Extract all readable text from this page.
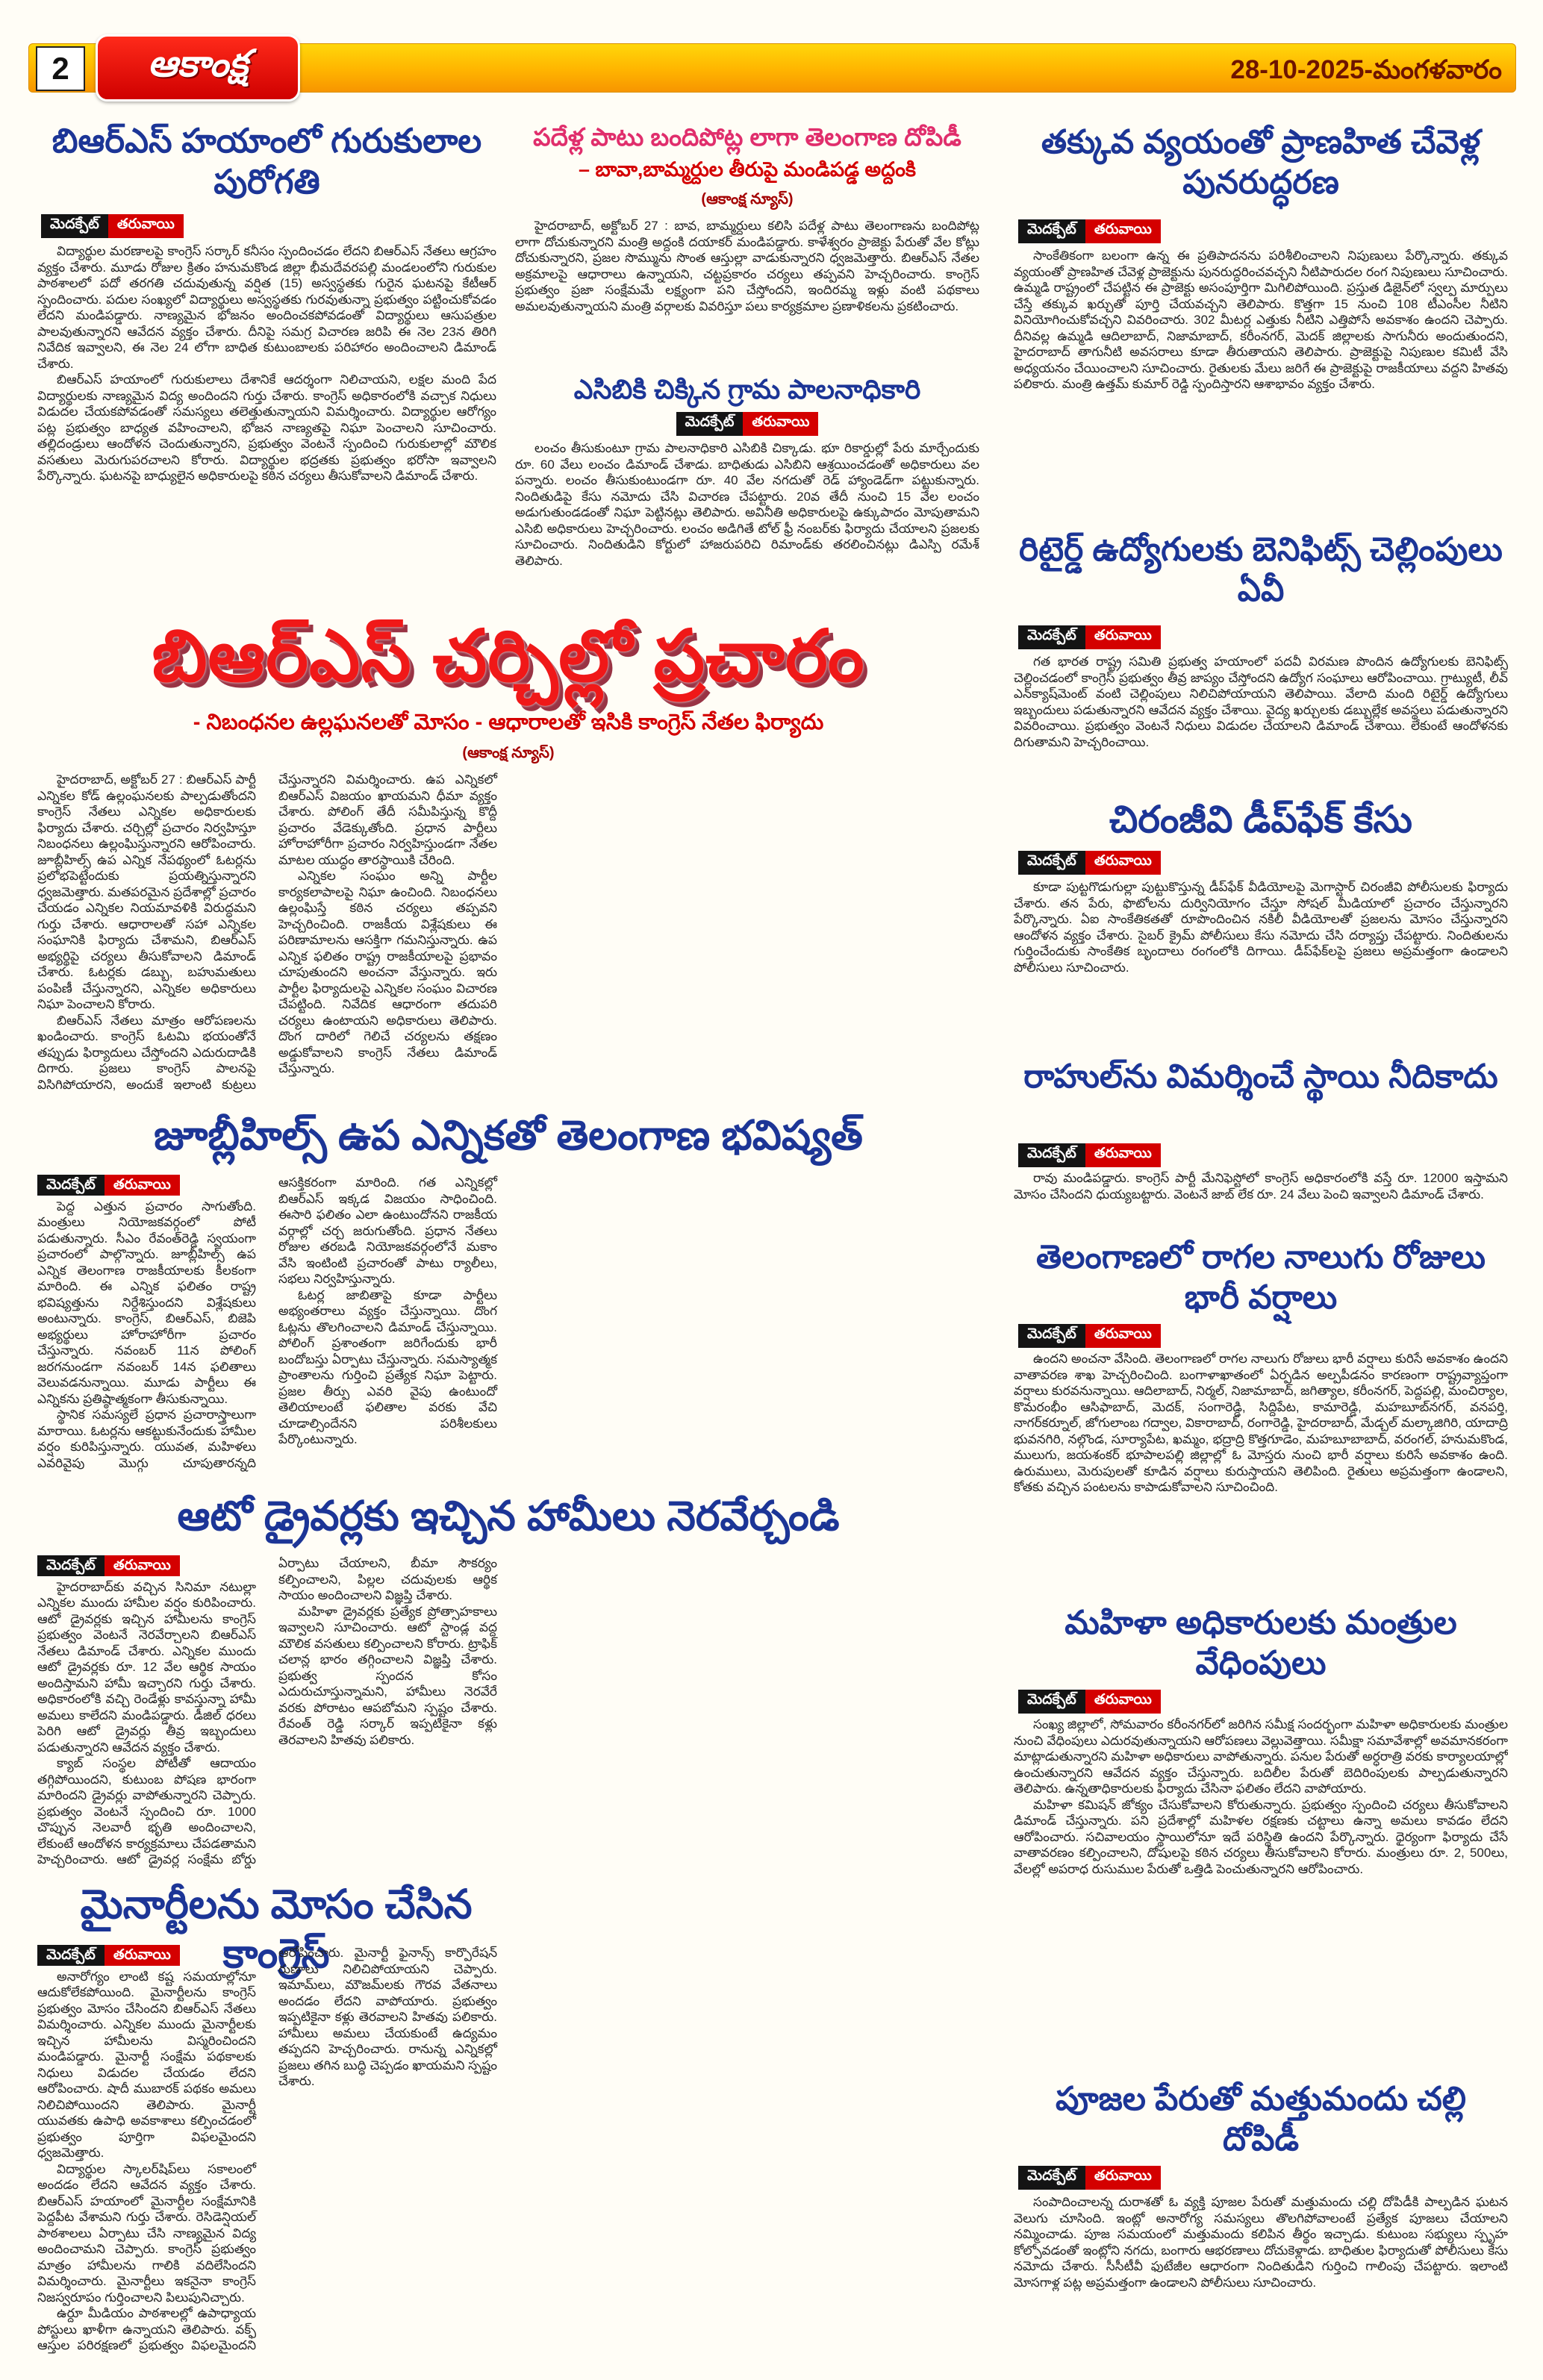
2	ఆకాంక్ష	28-10-2025-మంగళవారం
బిఆర్ఎస్ హయాంలో గురుకులాల పురోగతి
మెదక్పేట్	తరువాయి

విద్యార్థుల మరణాలపై కాంగ్రెస్ సర్కార్ కనీసం స్పందించడం లేదని బిఆర్ఎస్ నేతలు ఆగ్రహం వ్యక్తం చేశారు. మూడు రోజుల క్రితం హనుమకొండ జిల్లా భీమదేవరపల్లి మండలంలోని గురుకుల పాఠశాలలో పదో తరగతి చదువుతున్న వర్షిత (15) అస్వస్థతకు గురైన ఘటనపై కేటీఆర్ స్పందించారు. పదుల సంఖ్యలో విద్యార్థులు అస్వస్థతకు గురవుతున్నా ప్రభుత్వం పట్టించుకోవడం లేదని మండిపడ్డారు. నాణ్యమైన భోజనం అందించకపోవడంతో విద్యార్థులు ఆసుపత్రుల పాలవుతున్నారని ఆవేదన వ్యక్తం చేశారు. దీనిపై సమగ్ర విచారణ జరిపి ఈ నెల 23న తిరిగి నివేదిక ఇవ్వాలని, ఈ నెల 24 లోగా బాధిత కుటుంబాలకు పరిహారం అందించాలని డిమాండ్ చేశారు.

బిఆర్ఎస్ హయాంలో గురుకులాలు దేశానికే ఆదర్శంగా నిలిచాయని, లక్షల మంది పేద విద్యార్థులకు నాణ్యమైన విద్య అందిందని గుర్తు చేశారు. కాంగ్రెస్ అధికారంలోకి వచ్చాక నిధులు విడుదల చేయకపోవడంతో సమస్యలు తలెత్తుతున్నాయని విమర్శించారు. విద్యార్థుల ఆరోగ్యం పట్ల ప్రభుత్వం బాధ్యత వహించాలని, భోజన నాణ్యతపై నిఘా పెంచాలని సూచించారు. తల్లిదండ్రులు ఆందోళన చెందుతున్నారని, ప్రభుత్వం వెంటనే స్పందించి గురుకులాల్లో మౌలిక వసతులు మెరుగుపరచాలని కోరారు. విద్యార్థుల భద్రతకు ప్రభుత్వం భరోసా ఇవ్వాలని పేర్కొన్నారు. ఘటనపై బాధ్యులైన అధికారులపై కఠిన చర్యలు తీసుకోవాలని డిమాండ్ చేశారు.

పదేళ్ల పాటు బందిపోట్ల లాగా తెలంగాణ దోపిడీ

– బావా,బామ్మర్దుల తీరుపై మండిపడ్డ అద్దంకి

(ఆకాంక్ష న్యూస్)

హైదరాబాద్, అక్టోబర్ 27 : బావ, బామ్మర్దులు కలిసి పదేళ్ల పాటు తెలంగాణను బందిపోట్ల లాగా దోచుకున్నారని మంత్రి అద్దంకి దయాకర్ మండిపడ్డారు. కాళేశ్వరం ప్రాజెక్టు పేరుతో వేల కోట్లు దోచుకున్నారని, ప్రజల సొమ్మును సొంత ఆస్తుల్లా వాడుకున్నారని ధ్వజమెత్తారు. బిఆర్ఎస్ నేతల అక్రమాలపై ఆధారాలు ఉన్నాయని, చట్టప్రకారం చర్యలు తప్పవని హెచ్చరించారు. కాంగ్రెస్ ప్రభుత్వం ప్రజా సంక్షేమమే లక్ష్యంగా పని చేస్తోందని, ఇందిరమ్మ ఇళ్లు వంటి పథకాలు అమలవుతున్నాయని మంత్రి వర్గాలకు వివరిస్తూ పలు కార్యక్రమాల ప్రణాళికలను ప్రకటించారు.

ఎసిబికి చిక్కిన గ్రామ పాలనాధికారి
మెదక్పేట్	తరువాయి

లంచం తీసుకుంటూ గ్రామ పాలనాధికారి ఎసిబికి చిక్కాడు. భూ రికార్డుల్లో పేరు మార్చేందుకు రూ. 60 వేలు లంచం డిమాండ్ చేశాడు. బాధితుడు ఎసిబిని ఆశ్రయించడంతో అధికారులు వల పన్నారు. లంచం తీసుకుంటుండగా రూ. 40 వేల నగదుతో రెడ్ హ్యాండెడ్‌గా పట్టుకున్నారు. నిందితుడిపై కేసు నమోదు చేసి విచారణ చేపట్టారు. 20వ తేదీ నుంచి 15 వేల లంచం అడుగుతుండడంతో నిఘా పెట్టినట్లు తెలిపారు. అవినీతి అధికారులపై ఉక్కుపాదం మోపుతామని ఎసిబి అధికారులు హెచ్చరించారు. లంచం అడిగితే టోల్ ఫ్రీ నంబర్‌కు ఫిర్యాదు చేయాలని ప్రజలకు సూచించారు. నిందితుడిని కోర్టులో హాజరుపరిచి రిమాండ్‌కు తరలించినట్లు డిఎస్పి రమేశ్ తెలిపారు.

బిఆర్ఎస్ చర్చిల్లో ప్రచారం

- నిబంధనల ఉల్లఘనలతో మోసం - ఆధారాలతో ఇసికి కాంగ్రెస్ నేతల ఫిర్యాదు

(ఆకాంక్ష న్యూస్)

హైదరాబాద్, అక్టోబర్ 27 : బిఆర్ఎస్ పార్టీ ఎన్నికల కోడ్ ఉల్లంఘనలకు పాల్పడుతోందని కాంగ్రెస్ నేతలు ఎన్నికల అధికారులకు ఫిర్యాదు చేశారు. చర్చిల్లో ప్రచారం నిర్వహిస్తూ నిబంధనలు ఉల్లంఘిస్తున్నారని ఆరోపించారు. జూబ్లీహిల్స్ ఉప ఎన్నిక నేపథ్యంలో ఓటర్లను ప్రలోభపెట్టేందుకు ప్రయత్నిస్తున్నారని ధ్వజమెత్తారు. మతపరమైన ప్రదేశాల్లో ప్రచారం చేయడం ఎన్నికల నియమావళికి విరుద్ధమని గుర్తు చేశారు. ఆధారాలతో సహా ఎన్నికల సంఘానికి ఫిర్యాదు చేశామని, బిఆర్ఎస్ అభ్యర్థిపై చర్యలు తీసుకోవాలని డిమాండ్ చేశారు. ఓటర్లకు డబ్బు, బహుమతులు పంపిణీ చేస్తున్నారని, ఎన్నికల అధికారులు నిఘా పెంచాలని కోరారు.

బిఆర్ఎస్ నేతలు మాత్రం ఆరోపణలను ఖండించారు. కాంగ్రెస్ ఓటమి భయంతోనే తప్పుడు ఫిర్యాదులు చేస్తోందని ఎదురుదాడికి దిగారు. ప్రజలు కాంగ్రెస్ పాలనపై విసిగిపోయారని, అందుకే ఇలాంటి కుట్రలు చేస్తున్నారని విమర్శించారు. ఉప ఎన్నికలో బిఆర్ఎస్ విజయం ఖాయమని ధీమా వ్యక్తం చేశారు. పోలింగ్ తేదీ సమీపిస్తున్న కొద్దీ ప్రచారం వేడెక్కుతోంది. ప్రధాన పార్టీలు హోరాహోరీగా ప్రచారం నిర్వహిస్తుండగా నేతల మాటల యుద్ధం తారస్థాయికి చేరింది.

ఎన్నికల సంఘం అన్ని పార్టీల కార్యకలాపాలపై నిఘా ఉంచింది. నిబంధనలు ఉల్లంఘిస్తే కఠిన చర్యలు తప్పవని హెచ్చరించింది. రాజకీయ విశ్లేషకులు ఈ పరిణామాలను ఆసక్తిగా గమనిస్తున్నారు. ఉప ఎన్నిక ఫలితం రాష్ట్ర రాజకీయాలపై ప్రభావం చూపుతుందని అంచనా వేస్తున్నారు. ఇరు పార్టీల ఫిర్యాదులపై ఎన్నికల సంఘం విచారణ చేపట్టింది. నివేదిక ఆధారంగా తదుపరి చర్యలు ఉంటాయని అధికారులు తెలిపారు. దొంగ దారిలో గెలిచే చర్యలను తక్షణం అడ్డుకోవాలని కాంగ్రెస్ నేతలు డిమాండ్ చేస్తున్నారు.

జూబ్లీహిల్స్ ఉప ఎన్నికతో తెలంగాణ భవిష్యత్
మెదక్పేట్	తరువాయి

పెద్ద ఎత్తున ప్రచారం సాగుతోంది. మంత్రులు నియోజకవర్గంలో పోటీ పడుతున్నారు. సీఎం రేవంత్‌రెడ్డి స్వయంగా ప్రచారంలో పాల్గొన్నారు. జూబ్లీహిల్స్ ఉప ఎన్నిక తెలంగాణ రాజకీయాలకు కీలకంగా మారింది. ఈ ఎన్నిక ఫలితం రాష్ట్ర భవిష్యత్తును నిర్దేశిస్తుందని విశ్లేషకులు అంటున్నారు. కాంగ్రెస్, బిఆర్ఎస్, బిజెపి అభ్యర్థులు హోరాహోరీగా ప్రచారం చేస్తున్నారు. నవంబర్ 11న పోలింగ్ జరగనుండగా నవంబర్ 14న ఫలితాలు వెలువడనున్నాయి. మూడు పార్టీలు ఈ ఎన్నికను ప్రతిష్ఠాత్మకంగా తీసుకున్నాయి.

స్థానిక సమస్యలే ప్రధాన ప్రచారాస్త్రాలుగా మారాయి. ఓటర్లను ఆకట్టుకునేందుకు హామీల వర్షం కురిపిస్తున్నారు. యువత, మహిళలు ఎవరివైపు మొగ్గు చూపుతారన్నది ఆసక్తికరంగా మారింది. గత ఎన్నికల్లో బిఆర్ఎస్ ఇక్కడ విజయం సాధించింది. ఈసారి ఫలితం ఎలా ఉంటుందోనని రాజకీయ వర్గాల్లో చర్చ జరుగుతోంది. ప్రధాన నేతలు రోజుల తరబడి నియోజకవర్గంలోనే మకాం వేసి ఇంటింటి ప్రచారంతో పాటు ర్యాలీలు, సభలు నిర్వహిస్తున్నారు.

ఓటర్ల జాబితాపై కూడా పార్టీలు అభ్యంతరాలు వ్యక్తం చేస్తున్నాయి. దొంగ ఓట్లను తొలగించాలని డిమాండ్ చేస్తున్నాయి. పోలింగ్ ప్రశాంతంగా జరిగేందుకు భారీ బందోబస్తు ఏర్పాటు చేస్తున్నారు. సమస్యాత్మక ప్రాంతాలను గుర్తించి ప్రత్యేక నిఘా పెట్టారు. ప్రజల తీర్పు ఎవరి వైపు ఉంటుందో తెలియాలంటే ఫలితాల వరకు వేచి చూడాల్సిందేనని పరిశీలకులు పేర్కొంటున్నారు.

ఆటో డ్రైవర్లకు ఇచ్చిన హామీలు నెరవేర్చండి
మెదక్పేట్	తరువాయి

హైదరాబాద్‌కు వచ్చిన సినిమా నటుల్లా ఎన్నికల ముందు హామీల వర్షం కురిపించారు. ఆటో డ్రైవర్లకు ఇచ్చిన హామీలను కాంగ్రెస్ ప్రభుత్వం వెంటనే నెరవేర్చాలని బిఆర్ఎస్ నేతలు డిమాండ్ చేశారు. ఎన్నికల ముందు ఆటో డ్రైవర్లకు రూ. 12 వేల ఆర్థిక సాయం అందిస్తామని హామీ ఇచ్చారని గుర్తు చేశారు. అధికారంలోకి వచ్చి రెండేళ్లు కావస్తున్నా హామీ అమలు కాలేదని మండిపడ్డారు. డీజిల్ ధరలు పెరిగి ఆటో డ్రైవర్లు తీవ్ర ఇబ్బందులు పడుతున్నారని ఆవేదన వ్యక్తం చేశారు.

క్యాబ్ సంస్థల పోటీతో ఆదాయం తగ్గిపోయిందని, కుటుంబ పోషణ భారంగా మారిందని డ్రైవర్లు వాపోతున్నారని చెప్పారు. ప్రభుత్వం వెంటనే స్పందించి రూ. 1000 చొప్పున నెలవారీ భృతి అందించాలని, లేకుంటే ఆందోళన కార్యక్రమాలు చేపడతామని హెచ్చరించారు. ఆటో డ్రైవర్ల సంక్షేమ బోర్డు ఏర్పాటు చేయాలని, బీమా సౌకర్యం కల్పించాలని, పిల్లల చదువులకు ఆర్థిక సాయం అందించాలని విజ్ఞప్తి చేశారు.

మహిళా డ్రైవర్లకు ప్రత్యేక ప్రోత్సాహకాలు ఇవ్వాలని సూచించారు. ఆటో స్టాండ్ల వద్ద మౌలిక వసతులు కల్పించాలని కోరారు. ట్రాఫిక్ చలాన్ల భారం తగ్గించాలని విజ్ఞప్తి చేశారు. ప్రభుత్వ స్పందన కోసం ఎదురుచూస్తున్నామని, హామీలు నెరవేరే వరకు పోరాటం ఆపబోమని స్పష్టం చేశారు. రేవంత్ రెడ్డి సర్కార్ ఇప్పటికైనా కళ్లు తెరవాలని హితవు పలికారు.

మైనార్టీలను మోసం చేసిన కాంగ్రెస్
మెదక్పేట్	తరువాయి

అనారోగ్యం లాంటి కష్ట సమయాల్లోనూ ఆదుకోలేకపోయింది. మైనార్టీలను కాంగ్రెస్ ప్రభుత్వం మోసం చేసిందని బిఆర్ఎస్ నేతలు విమర్శించారు. ఎన్నికల ముందు మైనార్టీలకు ఇచ్చిన హామీలను విస్మరించిందని మండిపడ్డారు. మైనార్టీ సంక్షేమ పథకాలకు నిధులు విడుదల చేయడం లేదని ఆరోపించారు. షాదీ ముబారక్ పథకం అమలు నిలిచిపోయిందని తెలిపారు. మైనార్టీ యువతకు ఉపాధి అవకాశాలు కల్పించడంలో ప్రభుత్వం పూర్తిగా విఫలమైందని ధ్వజమెత్తారు.

విద్యార్థుల స్కాలర్‌షిప్‌లు సకాలంలో అందడం లేదని ఆవేదన వ్యక్తం చేశారు. బిఆర్ఎస్ హయాంలో మైనార్టీల సంక్షేమానికి పెద్దపీట వేశామని గుర్తు చేశారు. రెసిడెన్షియల్ పాఠశాలలు ఏర్పాటు చేసి నాణ్యమైన విద్య అందించామని చెప్పారు. కాంగ్రెస్ ప్రభుత్వం మాత్రం హామీలను గాలికి వదిలేసిందని విమర్శించారు. మైనార్టీలు ఇకనైనా కాంగ్రెస్ నిజస్వరూపం గుర్తించాలని పిలుపునిచ్చారు.

ఉర్దూ మీడియం పాఠశాలల్లో ఉపాధ్యాయ పోస్టులు ఖాళీగా ఉన్నాయని తెలిపారు. వక్ఫ్ ఆస్తుల పరిరక్షణలో ప్రభుత్వం విఫలమైందని ఆరోపించారు. మైనార్టీ ఫైనాన్స్ కార్పొరేషన్ రుణాలు నిలిచిపోయాయని చెప్పారు. ఇమామ్‌లు, మౌజమ్‌లకు గౌరవ వేతనాలు అందడం లేదని వాపోయారు. ప్రభుత్వం ఇప్పటికైనా కళ్లు తెరవాలని హితవు పలికారు. హామీలు అమలు చేయకుంటే ఉద్యమం తప్పదని హెచ్చరించారు. రానున్న ఎన్నికల్లో ప్రజలు తగిన బుద్ధి చెప్పడం ఖాయమని స్పష్టం చేశారు.

తక్కువ వ్యయంతో ప్రాణహిత చేవెళ్ల పునరుద్ధరణ
మెదక్పేట్	తరువాయి

సాంకేతికంగా బలంగా ఉన్న ఈ ప్రతిపాదనను పరిశీలించాలని నిపుణులు పేర్కొన్నారు. తక్కువ వ్యయంతో ప్రాణహిత చేవెళ్ల ప్రాజెక్టును పునరుద్ధరించవచ్చని నీటిపారుదల రంగ నిపుణులు సూచించారు. ఉమ్మడి రాష్ట్రంలో చేపట్టిన ఈ ప్రాజెక్టు అసంపూర్తిగా మిగిలిపోయింది. ప్రస్తుత డిజైన్‌లో స్వల్ప మార్పులు చేస్తే తక్కువ ఖర్చుతో పూర్తి చేయవచ్చని తెలిపారు. కొత్తగా 15 నుంచి 108 టీఎంసీల నీటిని వినియోగించుకోవచ్చని వివరించారు. 302 మీటర్ల ఎత్తుకు నీటిని ఎత్తిపోసే అవకాశం ఉందని చెప్పారు. దీనివల్ల ఉమ్మడి ఆదిలాబాద్, నిజామాబాద్, కరీంనగర్, మెదక్ జిల్లాలకు సాగునీరు అందుతుందని, హైదరాబాద్ తాగునీటి అవసరాలు కూడా తీరుతాయని తెలిపారు. ప్రాజెక్టుపై నిపుణుల కమిటీ వేసి అధ్యయనం చేయించాలని సూచించారు. రైతులకు మేలు జరిగే ఈ ప్రాజెక్టుపై రాజకీయాలు వద్దని హితవు పలికారు. మంత్రి ఉత్తమ్ కుమార్ రెడ్డి స్పందిస్తారని ఆశాభావం వ్యక్తం చేశారు.

రిటైర్డ్ ఉద్యోగులకు బెనిఫిట్స్ చెల్లింపులు ఏవీ
మెదక్పేట్	తరువాయి

గత భారత రాష్ట్ర సమితి ప్రభుత్వ హయాంలో పదవీ విరమణ పొందిన ఉద్యోగులకు బెనిఫిట్స్ చెల్లించడంలో కాంగ్రెస్ ప్రభుత్వం తీవ్ర జాప్యం చేస్తోందని ఉద్యోగ సంఘాలు ఆరోపించాయి. గ్రాట్యుటీ, లీవ్ ఎన్‌క్యాష్‌మెంట్ వంటి చెల్లింపులు నిలిచిపోయాయని తెలిపాయి. వేలాది మంది రిటైర్డ్ ఉద్యోగులు ఇబ్బందులు పడుతున్నారని ఆవేదన వ్యక్తం చేశాయి. వైద్య ఖర్చులకు డబ్బుల్లేక అవస్థలు పడుతున్నారని వివరించాయి. ప్రభుత్వం వెంటనే నిధులు విడుదల చేయాలని డిమాండ్ చేశాయి. లేకుంటే ఆందోళనకు దిగుతామని హెచ్చరించాయి.

చిరంజీవి డీప్‌ఫేక్ కేసు
మెదక్పేట్	తరువాయి

కూడా పుట్టగొడుగుల్లా పుట్టుకొస్తున్న డీప్‌ఫేక్ వీడియోలపై మెగాస్టార్ చిరంజీవి పోలీసులకు ఫిర్యాదు చేశారు. తన పేరు, ఫొటోలను దుర్వినియోగం చేస్తూ సోషల్ మీడియాలో ప్రచారం చేస్తున్నారని పేర్కొన్నారు. ఏఐ సాంకేతికతతో రూపొందించిన నకిలీ వీడియోలతో ప్రజలను మోసం చేస్తున్నారని ఆందోళన వ్యక్తం చేశారు. సైబర్ క్రైమ్ పోలీసులు కేసు నమోదు చేసి దర్యాప్తు చేపట్టారు. నిందితులను గుర్తించేందుకు సాంకేతిక బృందాలు రంగంలోకి దిగాయి. డీప్‌ఫేక్‌లపై ప్రజలు అప్రమత్తంగా ఉండాలని పోలీసులు సూచించారు.

రాహుల్‌ను విమర్శించే స్థాయి నీదికాదు
మెదక్పేట్	తరువాయి

రావు మండిపడ్డారు. కాంగ్రెస్ పార్టీ మేనిఫెస్టోలో కాంగ్రెస్ అధికారంలోకి వస్తే రూ. 12000 ఇస్తామని మోసం చేసిందని ధుయ్యబట్టారు. వెంటనే జాబ్ లేక రూ. 24 వేలు పెంచి ఇవ్వాలని డిమాండ్ చేశారు.

తెలంగాణలో రాగల నాలుగు రోజులు భారీ వర్షాలు
మెదక్పేట్	తరువాయి

ఉందని అంచనా వేసింది. తెలంగాణలో రాగల నాలుగు రోజులు భారీ వర్షాలు కురిసే అవకాశం ఉందని వాతావరణ శాఖ హెచ్చరించింది. బంగాళాఖాతంలో ఏర్పడిన అల్పపీడనం కారణంగా రాష్ట్రవ్యాప్తంగా వర్షాలు కురవనున్నాయి. ఆదిలాబాద్, నిర్మల్, నిజామాబాద్, జగిత్యాల, కరీంనగర్, పెద్దపల్లి, మంచిర్యాల, కొమరంభీం ఆసిఫాబాద్, మెదక్, సంగారెడ్డి, సిద్దిపేట, కామారెడ్డి, మహబూబ్‌నగర్, వనపర్తి, నాగర్‌కర్నూల్, జోగులాంబ గద్వాల, వికారాబాద్, రంగారెడ్డి, హైదరాబాద్, మేడ్చల్ మల్కాజిగిరి, యాదాద్రి భువనగిరి, నల్గొండ, సూర్యాపేట, ఖమ్మం, భద్రాద్రి కొత్తగూడెం, మహబూబాబాద్, వరంగల్, హనుమకొండ, ములుగు, జయశంకర్ భూపాలపల్లి జిల్లాల్లో ఓ మోస్తరు నుంచి భారీ వర్షాలు కురిసే అవకాశం ఉంది. ఉరుములు, మెరుపులతో కూడిన వర్షాలు కురుస్తాయని తెలిపింది. రైతులు అప్రమత్తంగా ఉండాలని, కోతకు వచ్చిన పంటలను కాపాడుకోవాలని సూచించింది.

మహిళా అధికారులకు మంత్రుల వేధింపులు
మెదక్పేట్	తరువాయి

సంఖ్య జిల్లాలో, సోమవారం కరీంనగర్‌లో జరిగిన సమీక్ష సందర్భంగా మహిళా అధికారులకు మంత్రుల నుంచి వేధింపులు ఎదురవుతున్నాయని ఆరోపణలు వెల్లువెత్తాయి. సమీక్షా సమావేశాల్లో అవమానకరంగా మాట్లాడుతున్నారని మహిళా అధికారులు వాపోతున్నారు. పనుల పేరుతో అర్ధరాత్రి వరకు కార్యాలయాల్లో ఉంచుతున్నారని ఆవేదన వ్యక్తం చేస్తున్నారు. బదిలీల పేరుతో బెదిరింపులకు పాల్పడుతున్నారని తెలిపారు. ఉన్నతాధికారులకు ఫిర్యాదు చేసినా ఫలితం లేదని వాపోయారు.

మహిళా కమిషన్ జోక్యం చేసుకోవాలని కోరుతున్నారు. ప్రభుత్వం స్పందించి చర్యలు తీసుకోవాలని డిమాండ్ చేస్తున్నారు. పని ప్రదేశాల్లో మహిళల రక్షణకు చట్టాలు ఉన్నా అమలు కావడం లేదని ఆరోపించారు. సచివాలయం స్థాయిలోనూ ఇదే పరిస్థితి ఉందని పేర్కొన్నారు. ధైర్యంగా ఫిర్యాదు చేసే వాతావరణం కల్పించాలని, దోషులపై కఠిన చర్యలు తీసుకోవాలని కోరారు. మంత్రులు రూ. 2, 500లు, వేలల్లో అపరాధ రుసుముల పేరుతో ఒత్తిడి పెంచుతున్నారని ఆరోపించారు.

పూజల పేరుతో మత్తుమందు చల్లి దోపిడీ
మెదక్పేట్	తరువాయి

సంపాదించాలన్న దురాశతో ఓ వ్యక్తి పూజల పేరుతో మత్తుమందు చల్లి దోపిడీకి పాల్పడిన ఘటన వెలుగు చూసింది. ఇంట్లో అనారోగ్య సమస్యలు తొలగిపోవాలంటే ప్రత్యేక పూజలు చేయాలని నమ్మించాడు. పూజ సమయంలో మత్తుమందు కలిపిన తీర్థం ఇచ్చాడు. కుటుంబ సభ్యులు స్పృహ కోల్పోవడంతో ఇంట్లోని నగదు, బంగారు ఆభరణాలు దోచుకెళ్లాడు. బాధితుల ఫిర్యాదుతో పోలీసులు కేసు నమోదు చేశారు. సీసీటీవీ ఫుటేజీల ఆధారంగా నిందితుడిని గుర్తించి గాలింపు చేపట్టారు. ఇలాంటి మోసగాళ్ల పట్ల అప్రమత్తంగా ఉండాలని పోలీసులు సూచించారు.
